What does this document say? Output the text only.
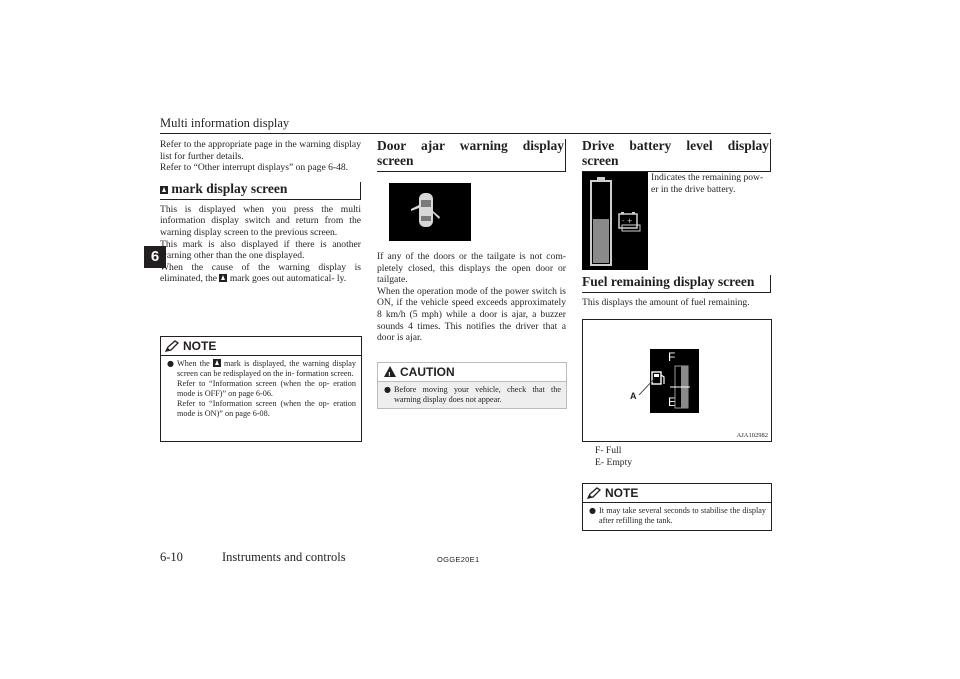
Multi information display
6

Refer to the appropriate page in the warning display list for further details.

Refer to “Other interrupt displays” on page 6-48.

mark display screen

This is displayed when you press the multi information display switch and return from the warning display screen to the previous screen.

This mark is also displayed if there is another warning other than the one displayed.

When the cause of the warning display is eliminated, the mark goes out automatical- ly.

NOTE
● When the mark is displayed, the warning display screen can be redisplayed on the in- formation screen.
Refer to “Information screen (when the op- eration mode is OFF)” on page 6-06.
Refer to “Information screen (when the op- eration mode is ON)” on page 6-08.
Door ajar warning display screen

If any of the doors or the tailgate is not com- pletely closed, this displays the open door or tailgate.

When the operation mode of the power switch is ON, if the vehicle speed exceeds approximately 8 km/h (5 mph) while a door is ajar, a buzzer sounds 4 times. This notifies the driver that a door is ajar.

!
CAUTION
● Before moving your vehicle, check that the warning display does not appear.
Drive battery level display screen
- +
Indicates the remaining pow- er in the drive battery.
Fuel remaining display screen

This displays the amount of fuel remaining.

F
E
A
AJA102982
F- Full
E- Empty
NOTE
● It may take several seconds to stabilise the display after refilling the tank.
6-10	Instruments and controls	OGGE20E1
